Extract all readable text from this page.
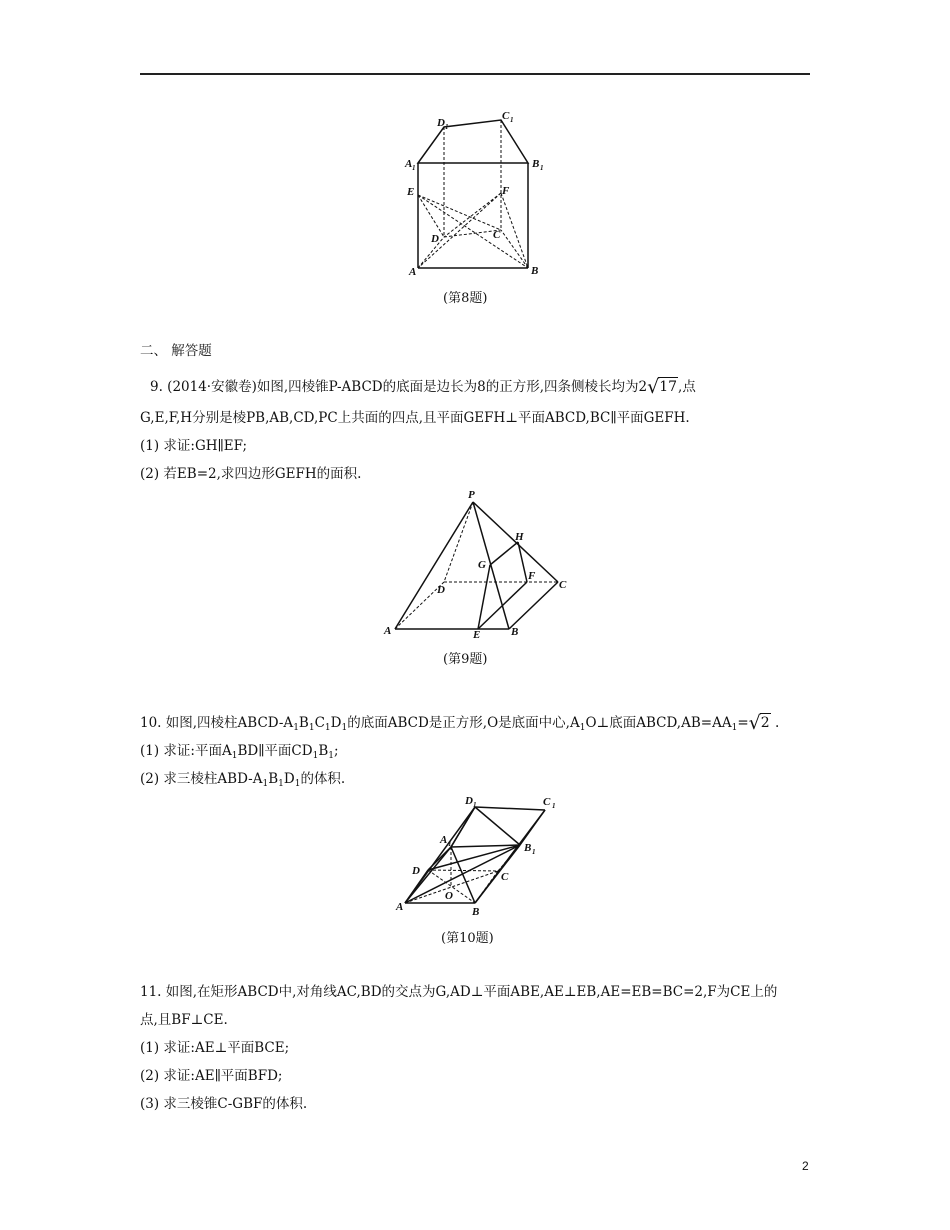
D 1
C 1
A 1	B 1
E	F
D	C
A	B
(第8题)
二、 解答题
9. (2014·安徽卷)如图,四棱锥P-ABCD的底面是边长为8的正方形,四条侧棱长均为2√17,点
G,E,F,H分别是棱PB,AB,CD,PC上共面的四点,且平面GEFH⊥平面ABCD,BC∥平面GEFH.
(1) 求证:GH∥EF;
(2) 若EB=2,求四边形GEFH的面积.
P
H
G
F
C
D
A	E	B
(第9题)
10. 如图,四棱柱ABCD-$A_1B_1C_1D_1$的底面ABCD是正方形,O是底面中心$,A_1O\perp$底面$ABCD,AB=AA_1=√2$ .
(1) 求证:平面$A_1BD\parallel$平面$CD_1B_1$;
(2) 求三棱柱ABD-$A_1B_1D_1$的体积.
D 1	C 1
A 1	B 1
D	C
O
A	B
(第10题)
11. 如图,在矩形ABCD中,对角线AC,BD的交点为G,AD⊥平面ABE,AE⊥EB,AE=EB=BC=2,F为CE上的
点,且BF⊥CE.
(1) 求证:AE⊥平面BCE;
(2) 求证:AE∥平面BFD;
(3) 求三棱锥C-GBF的体积.
2
